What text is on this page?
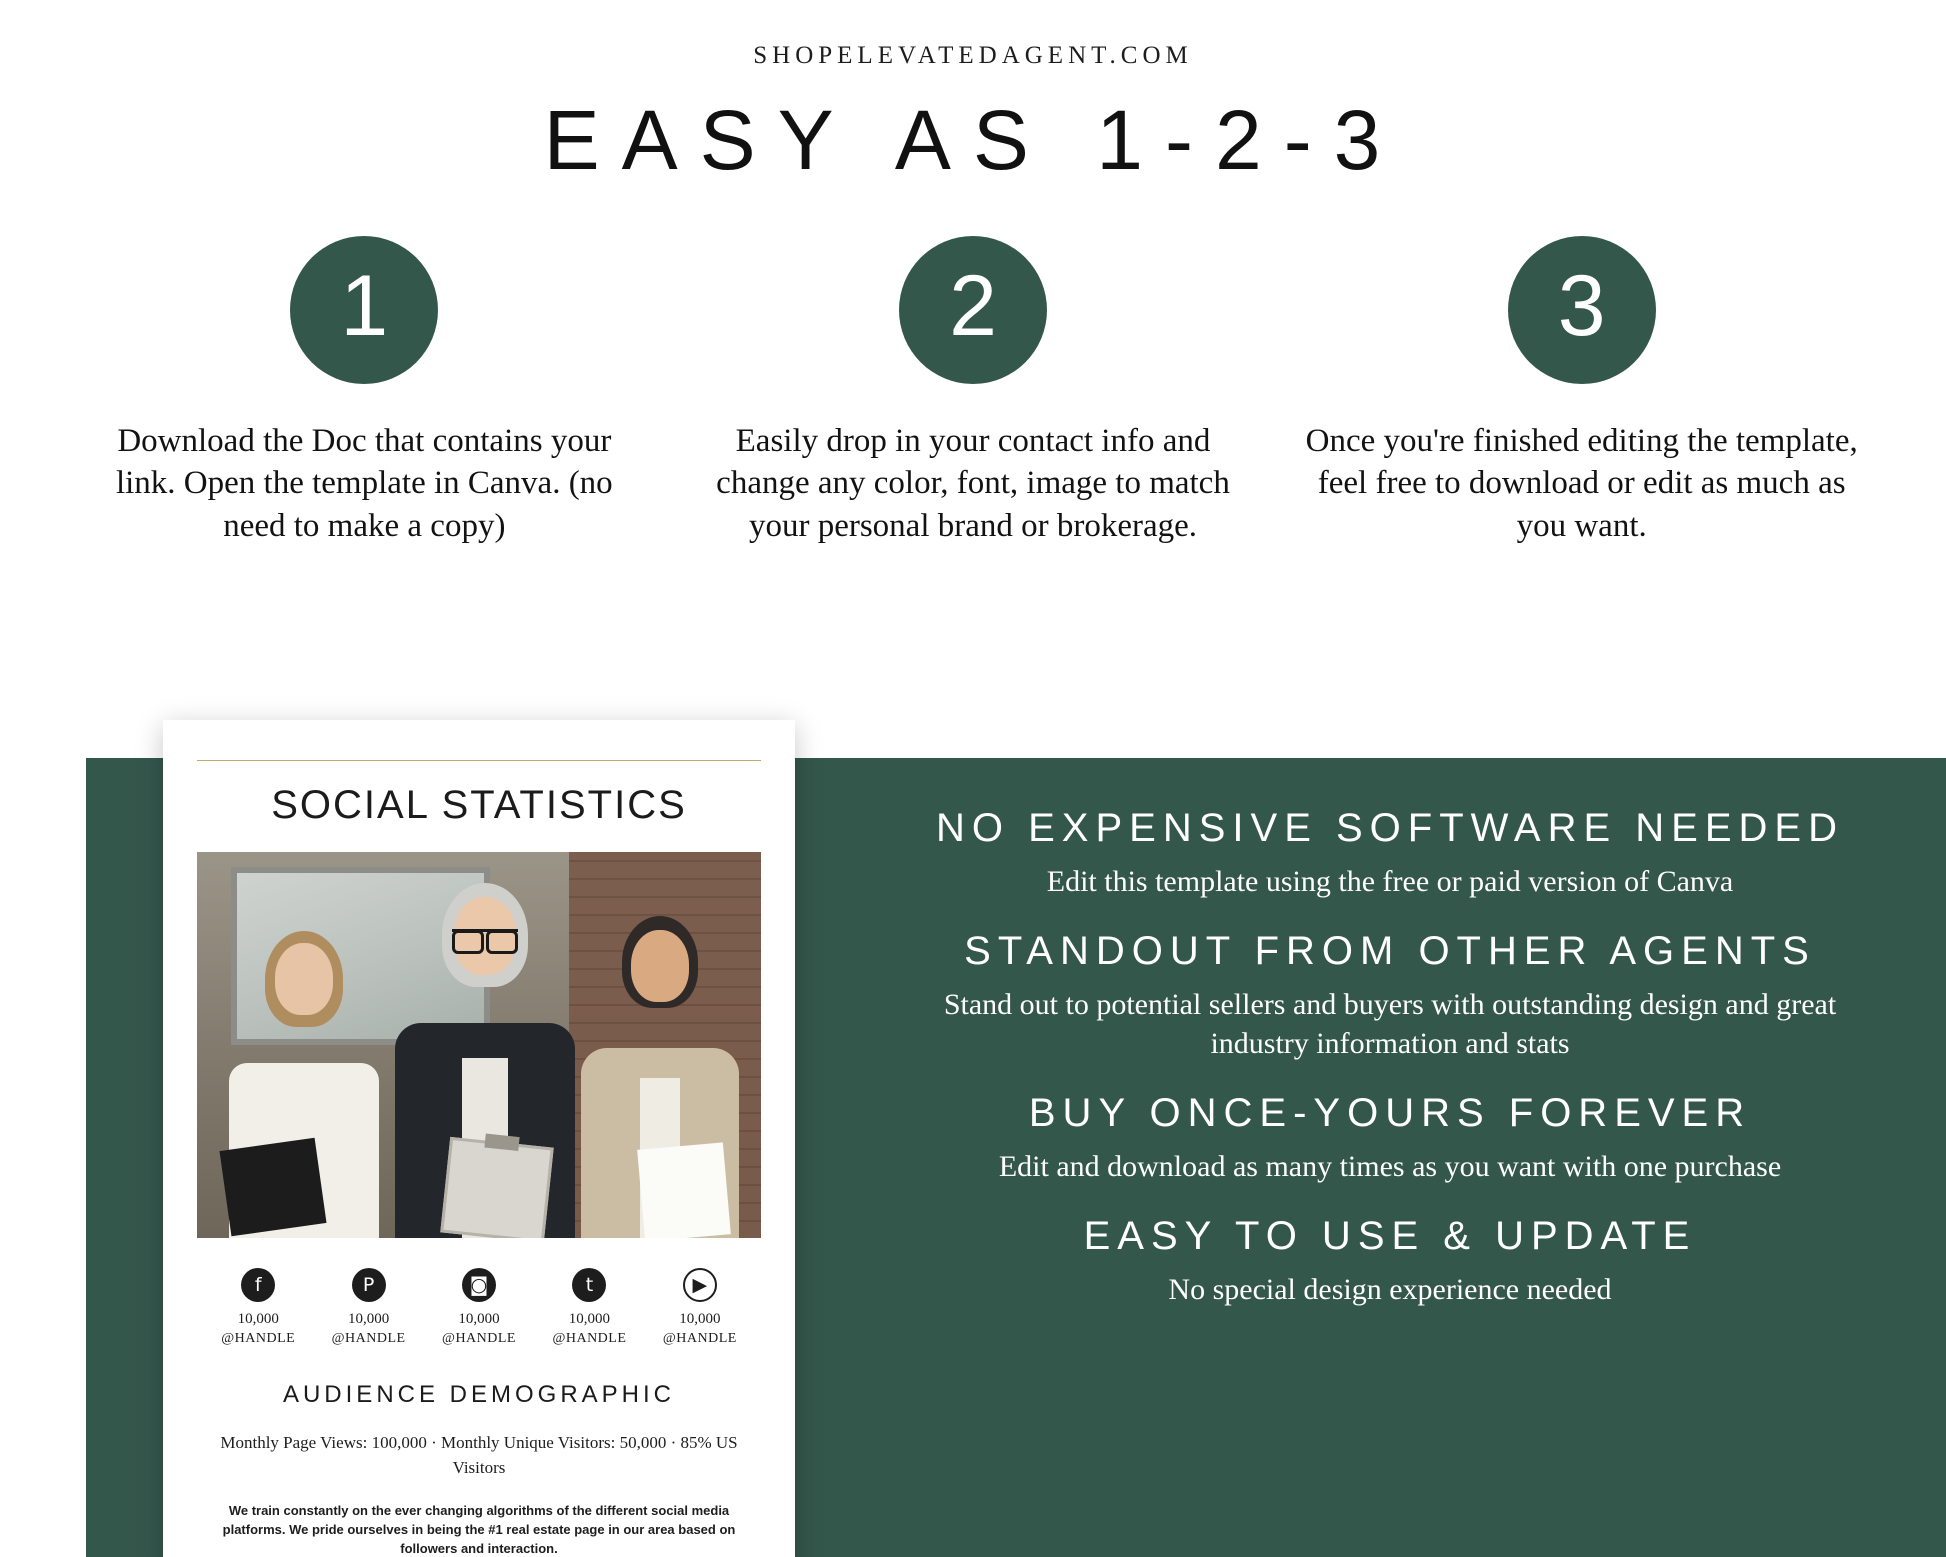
SHOPELEVATEDAGENT.COM
EASY AS 1-2-3
1
Download the Doc that contains your link. Open the template in Canva. (no need to make a copy)
2
Easily drop in your contact info and change any color, font, image to match your personal brand or brokerage.
3
Once you're finished editing the template, feel free to download or edit as much as you want.
SOCIAL STATISTICS
f
10,000
@HANDLE
P
10,000
@HANDLE
◙
10,000
@HANDLE
t
10,000
@HANDLE
▶
10,000
@HANDLE
AUDIENCE DEMOGRAPHIC
Monthly Page Views: 100,000 · Monthly Unique Visitors: 50,000 · 85% US Visitors
We train constantly on the ever changing algorithms of the different social media platforms. We pride ourselves in being the #1 real estate page in our area based on followers and interaction.
NO EXPENSIVE SOFTWARE NEEDED
Edit this template using the free or paid version of Canva
STANDOUT FROM OTHER AGENTS
Stand out to potential sellers and buyers with outstanding design and great industry information and stats
BUY ONCE-YOURS FOREVER
Edit and download as many times as you want with one purchase
EASY TO USE & UPDATE
No special design experience needed
